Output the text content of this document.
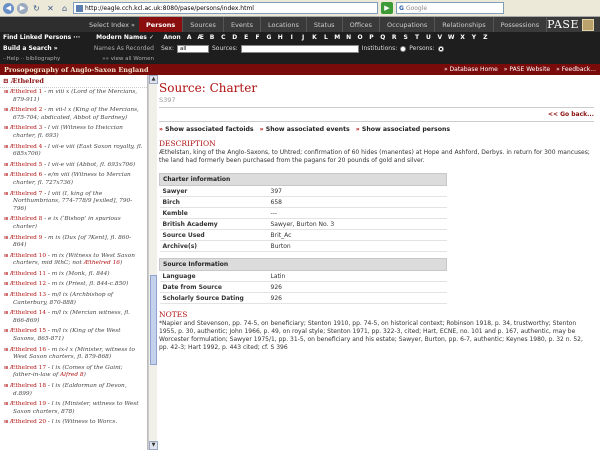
◀	▶ ↻ ✕	⌂	http://eagle.cch.kcl.ac.uk:8080/pase/persons/index.html	▶	G Google
Select Index »	Persons	Sources	Events	Locations	Status	Offices	Occupations	Relationships	Possessions PASE
Find Linked Persons ···	Modern Names ✓	Anon	A Æ B	C	D	E	F	G	H	I	J	K	L	M N	O	P	Q	R	S	T	U	V W X	Y	Z
Build a Search »	Names As Recorded Sex:	all	Sources:	Institutions: Persons:
··Help ·· bibliography	»» view all Women
Prosopography of Anglo-Saxon England	» Database Home » PASE Website » Feedback...
⊟ Æthelred
⊞ Æthelred 1 - m viii x (Lord of the Mercians, 879-911)
⊞ Æthelred 2 - m vii-l x (King of the Mercians, 675-704; abdicated, Abbot of Bardney)
⊞ Æthelred 3 - l vii (Witness to Hwiccian charter, fl. 693)
⊞ Æthelred 4 - l vii-e viii (East Saxon royalty, fl. 685x706)
⊞ Æthelred 5 - l vii-e viii (Abbot, fl. 693x706)
⊞ Æthelred 6 - e/m viii (Witness to Mercian charter, fl. 727x736)
⊞ Æthelred 7 - l viii (I, king of the Northumbrians, 774-778/9 [exiled], 790-796)
⊞ Æthelred 8 - e ix (‘Bishop’ in spurious charter)
⊞ Æthelred 9 - m ix (Dux [of ?Kent], fl. 860-864)
⊞ Æthelred 10 - m ix (Witness to West Saxon charters, mid 9thC; not Æthelred 16)
⊞ Æthelred 11 - m ix (Monk, fl. 844)
⊞ Æthelred 12 - m ix (Priest, fl. 844-c.850)
⊞ Æthelred 13 - m/l ix (Archbishop of Canterbury, 870-888)
⊞ Æthelred 14 - m/l ix (Mercian witness, fl. 866-869)
⊞ Æthelred 15 - m/l ix (King of the West Saxons, 865-871)
⊞ Æthelred 16 - m ix-l x (Minister, witness to West Saxon charters, fl. 879-868)
⊞ Æthelred 17 - l ix (Comes of the Gaini; father-in-law of Alfred 8)
⊞ Æthelred 18 - l ix (Ealdorman of Devon, d.899)
⊞ Æthelred 19 - l ix (Minister, witness to West Saxon charters, 878)
⊞ Æthelred 20 - l ix (Witness to Worcs.
▲
▼
Source: Charter
S397
<< Go back...
» Show associated factoids » Show associated events » Show associated persons
DESCRIPTION
Æthelstan, king of the Anglo-Saxons, to Uhtred; confirmation of 60 hides (manentes) at Hope and Ashford, Derbys. in return for 300 mancuses; the land had formerly been purchased from the pagans for 20 pounds of gold and silver.
Charter information	
Sawyer	397
Birch	658
Kemble	---
British Academy	Sawyer, Burton No. 3
Source Used	Brit_Ac
Archive(s)	Burton
Source Information	
Language	Latin
Date from Source	926
Scholarly Source Dating	926
NOTES
*Napier and Stevenson, pp. 74-5, on beneficiary; Stenton 1910, pp. 74-5, on historical context; Robinson 1918, p. 34, trustworthy; Stenton 1955, p. 30, authentic; John 1966, p. 49, on royal style; Stenton 1971, pp. 322-3, cited; Hart, ECNE, no. 101 and p. 167, authentic, may be Worcester formulation; Sawyer 1975/1, pp. 31-5, on beneficiary and his estate; Sawyer, Burton, pp. 6-7, authentic; Keynes 1980, p. 32 n. 52, pp. 42-3; Hart 1992, p. 443 cited; cf. S 396
